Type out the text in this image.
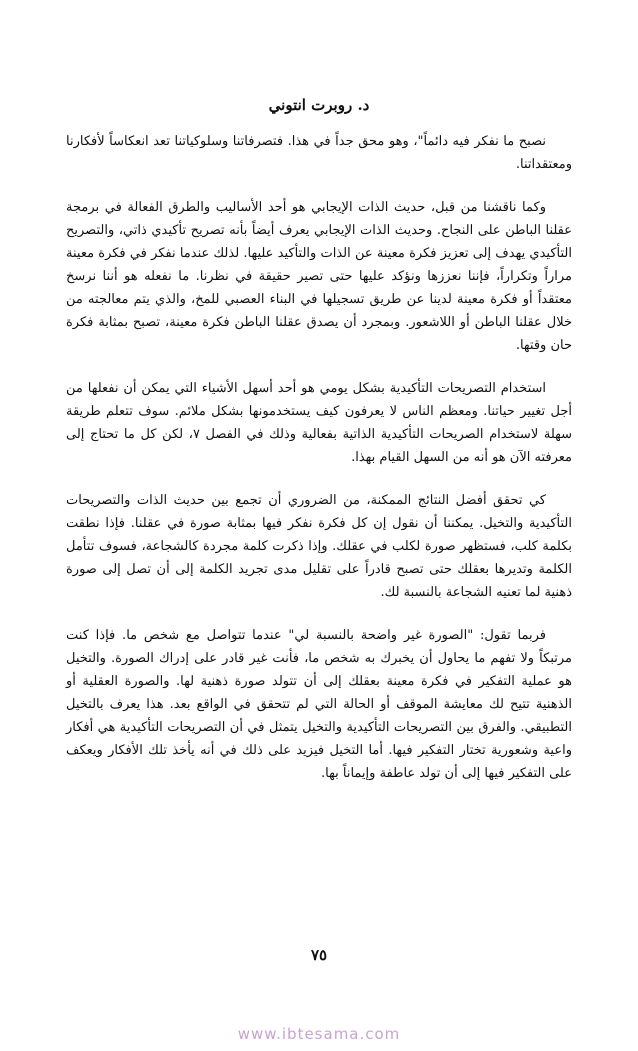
د. روبرت انتوني

نصبح ما نفكر فيه دائماً"، وهو محق جداً في هذا. فتصرفاتنا وسلوكياتنا تعد انعكاساً لأفكارنا ومعتقداتنا.

وكما ناقشنا من قبل، حديث الذات الإيجابي هو أحد الأساليب والطرق الفعالة في برمجة عقلنا الباطن على النجاح. وحديث الذات الإيجابي يعرف أيضاً بأنه تصريح تأكيدي ذاتي، والتصريح التأكيدي يهدف إلى تعزيز فكرة معينة عن الذات والتأكيد عليها. لذلك عندما نفكر في فكرة معينة مراراً وتكراراً، فإننا نعززها ونؤكد عليها حتى تصير حقيقة في نظرنا. ما نفعله هو أننا نرسخ معتقداً أو فكرة معينة لدينا عن طريق تسجيلها في البناء العصبي للمخ، والذي يتم معالجته من خلال عقلنا الباطن أو اللاشعور. وبمجرد أن يصدق عقلنا الباطن فكرة معينة، تصبح بمثابة فكرة حان وقتها.

استخدام التصريحات التأكيدية بشكل يومي هو أحد أسهل الأشياء التي يمكن أن نفعلها من أجل تغيير حياتنا. ومعظم الناس لا يعرفون كيف يستخدمونها بشكل ملائم. سوف تتعلم طريقة سهلة لاستخدام الصريحات التأكيدية الذاتية بفعالية وذلك في الفصل ٧، لكن كل ما تحتاج إلى معرفته الآن هو أنه من السهل القيام بهذا.

كي تحقق أفضل النتائج الممكنة، من الضروري أن تجمع بين حديث الذات والتصريحات التأكيدية والتخيل. يمكننا أن نقول إن كل فكرة نفكر فيها بمثابة صورة في عقلنا. فإذا نطقت بكلمة كلب، فستظهر صورة لكلب في عقلك. وإذا ذكرت كلمة مجردة كالشجاعة، فسوف تتأمل الكلمة وتديرها بعقلك حتى تصبح قادراً على تقليل مدى تجريد الكلمة إلى أن تصل إلى صورة ذهنية لما تعنيه الشجاعة بالنسبة لك.

فربما تقول: "الصورة غير واضحة بالنسبة لي" عندما تتواصل مع شخص ما. فإذا كنت مرتبكاً ولا تفهم ما يحاول أن يخبرك به شخص ما، فأنت غير قادر على إدراك الصورة. والتخيل هو عملية التفكير في فكرة معينة بعقلك إلى أن تتولد صورة ذهنية لها. والصورة العقلية أو الذهنية تتيح لك معايشة الموقف أو الحالة التي لم تتحقق في الواقع بعد. هذا يعرف بالتخيل التطبيقي. والفرق بين التصريحات التأكيدية والتخيل يتمثل في أن التصريحات التأكيدية هي أفكار واعية وشعورية تختار التفكير فيها. أما التخيل فيزيد على ذلك في أنه يأخذ تلك الأفكار ويعكف على التفكير فيها إلى أن تولد عاطفة وإيماناً بها.

٧٥
www.ibtesama.com
